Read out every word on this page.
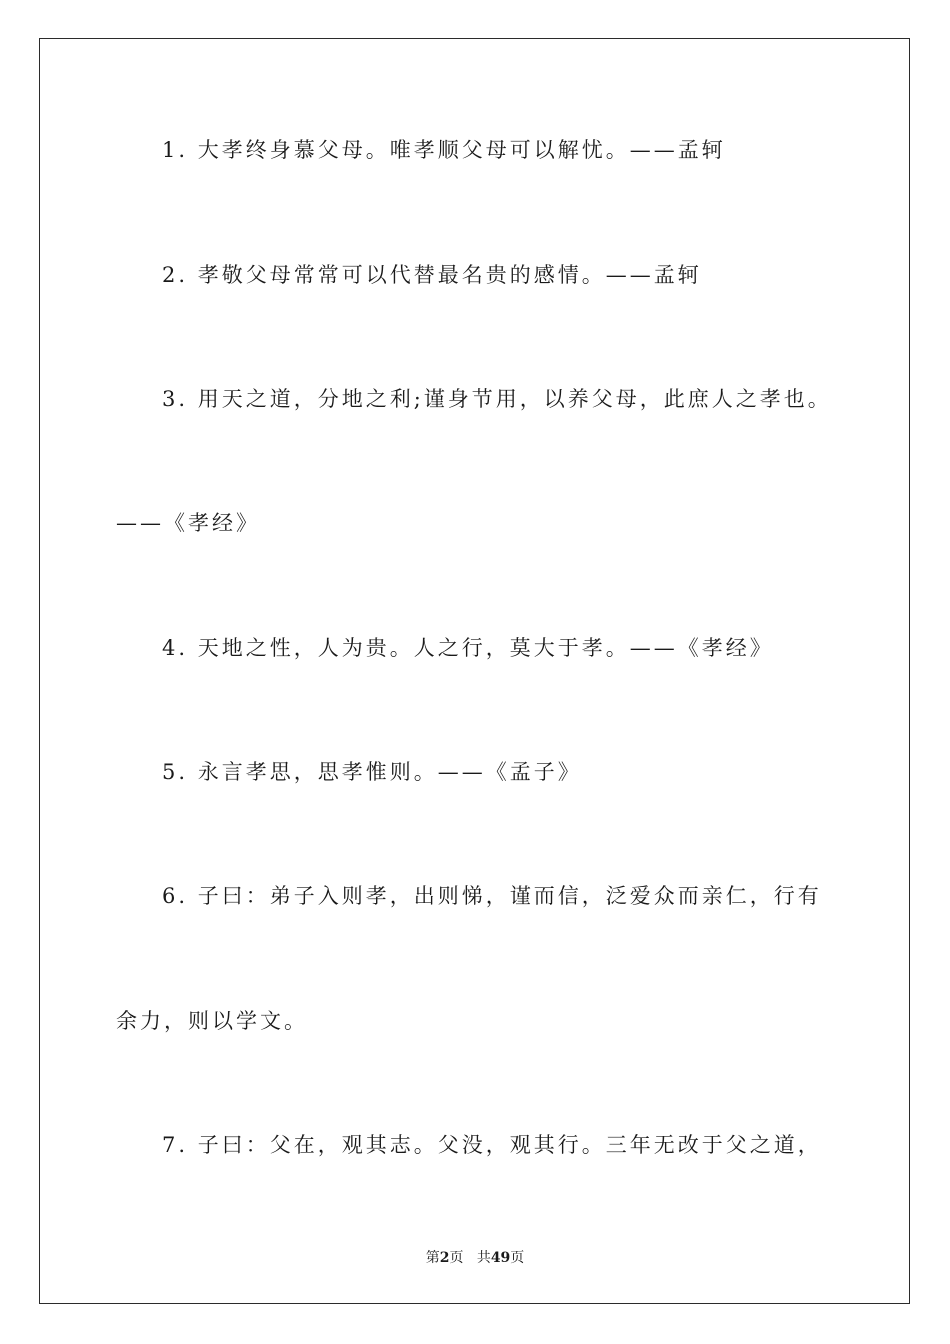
1. 大孝终身慕父母。唯孝顺父母可以解忧。——孟轲
2. 孝敬父母常常可以代替最名贵的感情。——孟轲
3. 用天之道，分地之利;谨身节用，以养父母，此庶人之孝也。
——《孝经》
4. 天地之性，人为贵。人之行，莫大于孝。——《孝经》
5. 永言孝思，思孝惟则。——《孟子》
6. 子曰：弟子入则孝，出则悌，谨而信，泛爱众而亲仁，行有
余力，则以学文。
7. 子曰：父在，观其志。父没，观其行。三年无改于父之道，
第2页 共49页
